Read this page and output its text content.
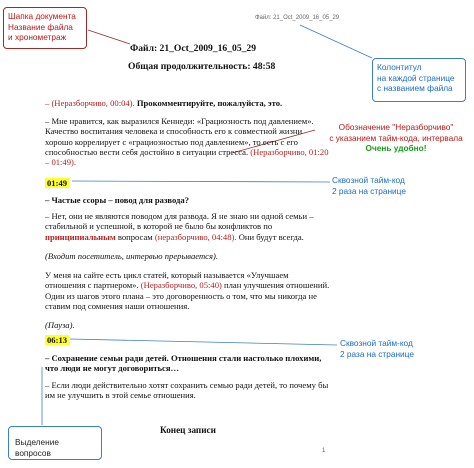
Шапка документа
Название файла
и хронометраж
Файл: 21_Oct_2009_16_05_29
Колонтитул
на каждой странице
с названием файла
Обозначение "Неразборчиво"
с указанием тайм-кода, интервала
Очень удобно!
Сквозной тайм-код
2 раза на странице
Сквозной тайм-код
2 раза на странице
Выделение вопросов
Файл: 21_Oct_2009_16_05_29
Общая продолжительность: 48:58
– (Неразборчиво, 00:04). Прокомментируйте, пожалуйста, это.

– Мне нравится, как выразился Кеннеди: «Грациозность под давлением».

Качество воспитания человека и способность его к совместной жизни

хорошо коррелирует с «грациозностью под давлением», то есть с его

способностью вести себя достойно в ситуации стресса. (Неразборчиво, 01:20

– 01:49).

01:49
– Частые ссоры – повод для развода?

– Нет, они не являются поводом для развода. Я не знаю ни одной семьи –

стабильной и успешной, в которой не было бы конфликтов по

принципиальным вопросам (неразборчиво, 04:48). Они будут всегда.

(Входит посетитель, интервью прерывается).

У меня на сайте есть цикл статей, который называется «Улучшаем

отношения с партнером». (Неразборчиво, 05:40) план улучшения отношений.

Один из шагов этого плана – это договоренность о том, что мы никогда не

ставим под сомнения наши отношения.

(Пауза).
06:13

– Сохранение семьи ради детей. Отношения стали настолько плохими,

что люди не могут договориться…

– Если люди действительно хотят сохранить семью ради детей, то почему бы

им не улучшить в этой семье отношения.

Конец записи
1
